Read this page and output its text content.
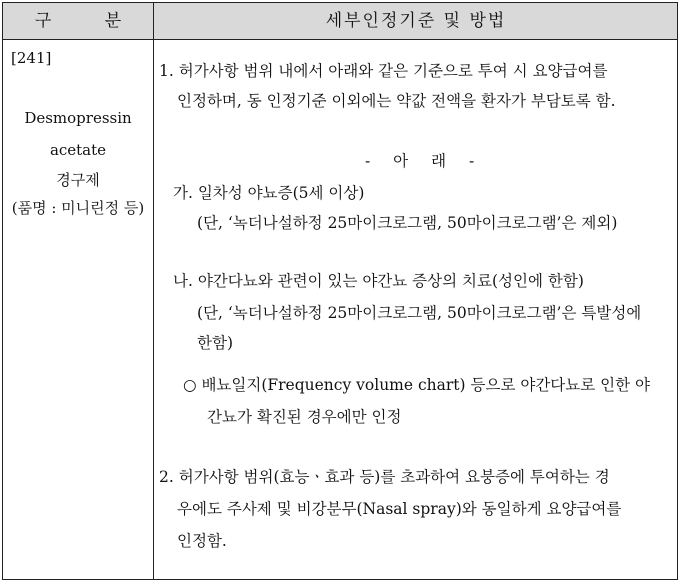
구 분	세부인정기준 및 방법
[241]
Desmopressin
acetate
경구제
(품명 : 미니린정 등)
1. 허가사항 범위 내에서 아래와 같은 기준으로 투여 시 요양급여를
인정하며, 동 인정기준 이외에는 약값 전액을 환자가 부담토록 함.
- 아 래 -
가. 일차성 야뇨증(5세 이상)
(단, ‘녹더나설하정 25마이크로그램, 50마이크로그램’은 제외)
나. 야간다뇨와 관련이 있는 야간뇨 증상의 치료(성인에 한함)
(단, ‘녹더나설하정 25마이크로그램, 50마이크로그램’은 특발성에
한함)
○ 배뇨일지(Frequency volume chart) 등으로 야간다뇨로 인한 야
간뇨가 확진된 경우에만 인정
2. 허가사항 범위(효능ㆍ효과 등)를 초과하여 요붕증에 투여하는 경
우에도 주사제 및 비강분무(Nasal spray)와 동일하게 요양급여를
인정함.
